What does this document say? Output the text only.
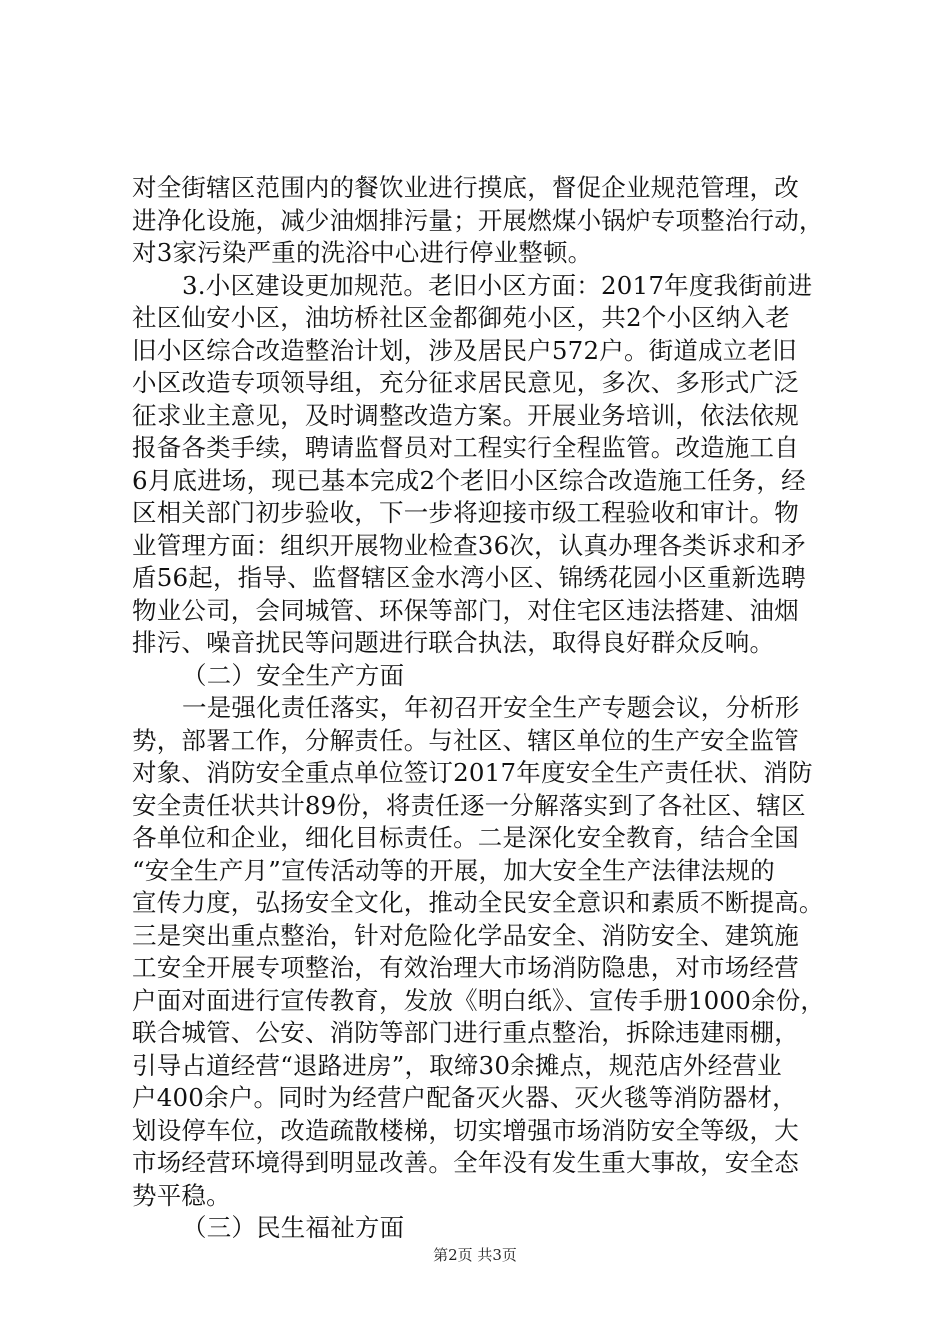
对全街辖区范围内的餐饮业进行摸底，督促企业规范管理，改
进净化设施，减少油烟排污量；开展燃煤小锅炉专项整治行动，
对3家污染严重的洗浴中心进行停业整顿。
3.小区建设更加规范。老旧小区方面：2017年度我街前进
社区仙安小区，油坊桥社区金都御苑小区，共2个小区纳入老
旧小区综合改造整治计划，涉及居民户572户。街道成立老旧
小区改造专项领导组，充分征求居民意见，多次、多形式广泛
征求业主意见，及时调整改造方案。开展业务培训，依法依规
报备各类手续，聘请监督员对工程实行全程监管。改造施工自
6月底进场，现已基本完成2个老旧小区综合改造施工任务，经
区相关部门初步验收，下一步将迎接市级工程验收和审计。物
业管理方面：组织开展物业检查36次，认真办理各类诉求和矛
盾56起，指导、监督辖区金水湾小区、锦绣花园小区重新选聘
物业公司，会同城管、环保等部门，对住宅区违法搭建、油烟
排污、噪音扰民等问题进行联合执法，取得良好群众反响。
（二）安全生产方面
一是强化责任落实，年初召开安全生产专题会议，分析形
势，部署工作，分解责任。与社区、辖区单位的生产安全监管
对象、消防安全重点单位签订2017年度安全生产责任状、消防
安全责任状共计89份，将责任逐一分解落实到了各社区、辖区
各单位和企业，细化目标责任。二是深化安全教育，结合全国
“安全生产月”宣传活动等的开展，加大安全生产法律法规的
宣传力度，弘扬安全文化，推动全民安全意识和素质不断提高。
三是突出重点整治，针对危险化学品安全、消防安全、建筑施
工安全开展专项整治，有效治理大市场消防隐患，对市场经营
户面对面进行宣传教育，发放《明白纸》、宣传手册1000余份，
联合城管、公安、消防等部门进行重点整治，拆除违建雨棚，
引导占道经营“退路进房”，取缔30余摊点，规范店外经营业
户400余户。同时为经营户配备灭火器、灭火毯等消防器材，
划设停车位，改造疏散楼梯，切实增强市场消防安全等级，大
市场经营环境得到明显改善。全年没有发生重大事故，安全态
势平稳。
（三）民生福祉方面
第2页 共3页
